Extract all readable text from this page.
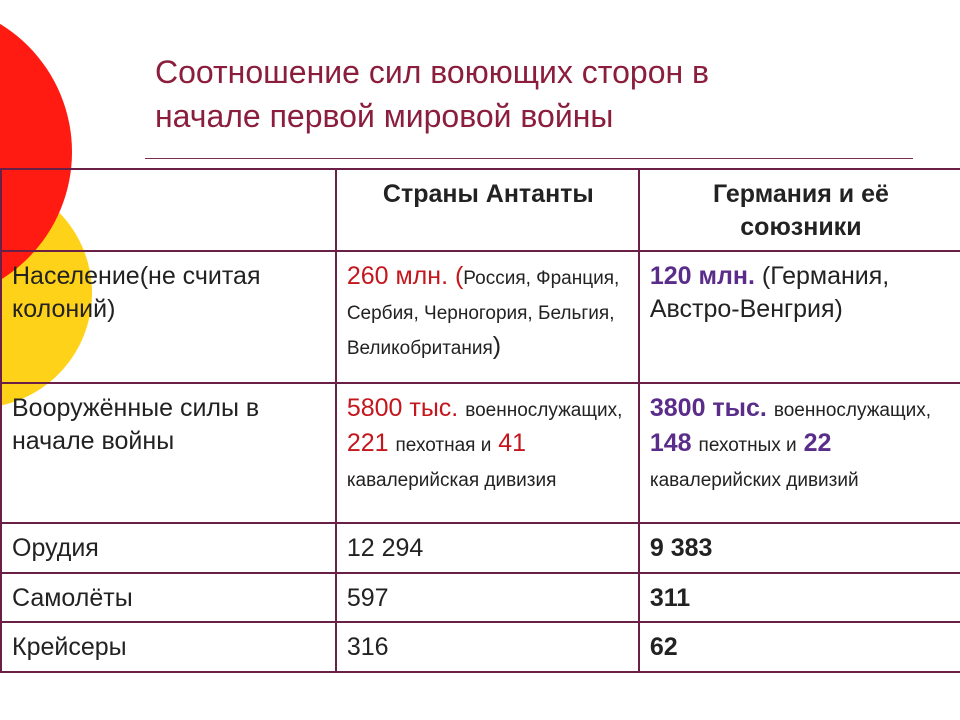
Соотношение сил воюющих сторон в
начале первой мировой войны
	Страны Антанты	Германия и её союзники
Население(не считая колоний)	260 млн. (Россия, Франция, Сербия, Черногория, Бельгия, Великобритания)	120 млн. (Германия, Австро-Венгрия)
Вооружённые силы в начале войны	5800 тыс. военнослужащих, 221 пехотная и 41 кавалерийская дивизия	3800 тыс. военнослужащих, 148 пехотных и 22 кавалерийских дивизий
Орудия	12 294	9 383
Самолёты	597	311
Крейсеры	316	62
